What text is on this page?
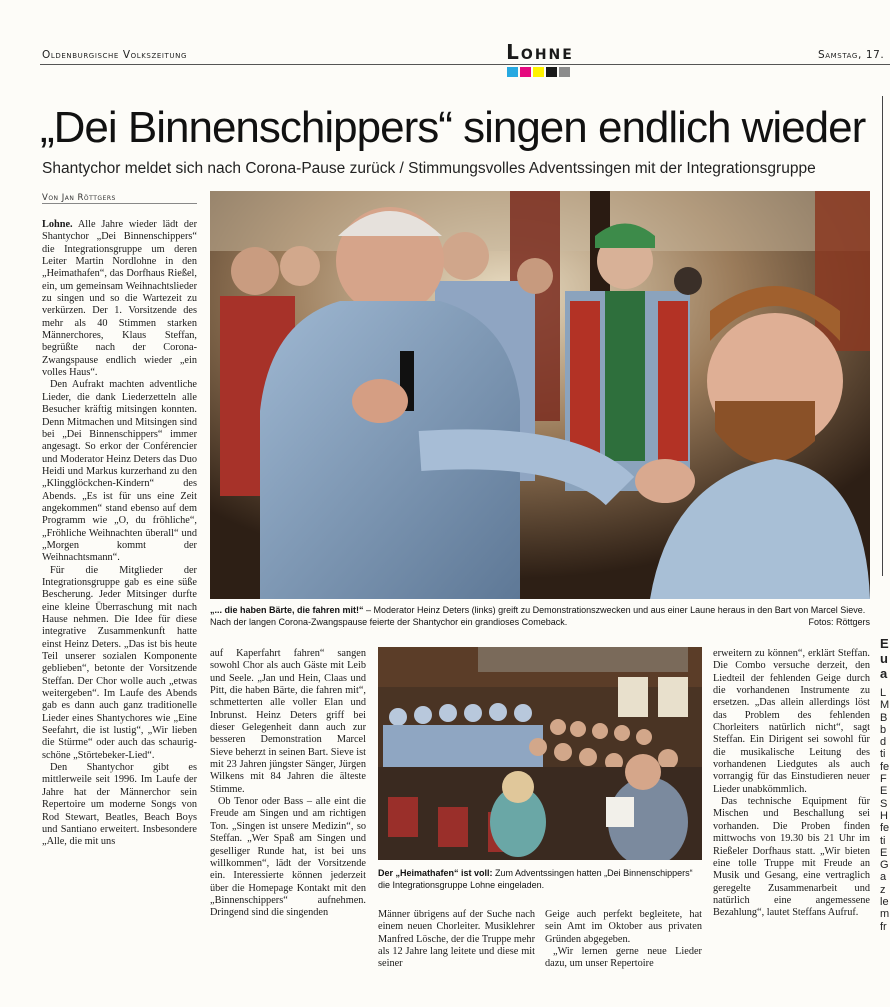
Oldenburgische Volkszeitung	Lohne	Samstag, 17.
„Dei Binnenschippers“ singen endlich wieder
Shantychor meldet sich nach Corona-Pause zurück / Stimmungsvolles Adventssingen mit der Integrationsgruppe
Von Jan Röttgers

Lohne. Alle Jahre wieder lädt der Shantychor „Dei Binnenschippers“ die Integrationsgruppe um deren Leiter Martin Nordlohne in den „Heimathafen“, das Dorfhaus Rießel, ein, um gemeinsam Weihnachtslieder zu singen und so die Wartezeit zu verkürzen. Der 1. Vorsitzende des mehr als 40 Stimmen starken Männerchores, Klaus Steffan, begrüßte nach der Corona-Zwangspause endlich wieder „ein volles Haus“.

Den Aufrakt machten adventliche Lieder, die dank Liederzetteln alle Besucher kräftig mitsingen konnten. Denn Mitmachen und Mitsingen sind bei „Dei Binnenschippers“ immer angesagt. So erkor der Conférencier und Moderator Heinz Deters das Duo Heidi und Markus kurzerhand zu den „Klingglöckchen-Kindern“ des Abends. „Es ist für uns eine Zeit angekommen“ stand ebenso auf dem Programm wie „O, du fröhliche“, „Fröhliche Weihnachten überall“ und „Morgen kommt der Weihnachtsmann“.

Für die Mitglieder der Integrationsgruppe gab es eine süße Bescherung. Jeder Mitsinger durfte eine kleine Überraschung mit nach Hause nehmen. Die Idee für diese integrative Zusammenkunft hatte einst Heinz Deters. „Das ist bis heute Teil unserer sozialen Komponente geblieben“, betonte der Vorsitzende Steffan. Der Chor wolle auch „etwas weitergeben“. Im Laufe des Abends gab es dann auch ganz traditionelle Lieder eines Shantychores wie „Eine Seefahrt, die ist lustig“, „Wir lieben die Stürme“ oder auch das schaurig-schöne „Störtebeker-Lied“.

Den Shantychor gibt es mittlerweile seit 1996. Im Laufe der Jahre hat der Männerchor sein Repertoire um moderne Songs von Rod Stewart, Beatles, Beach Boys und Santiano erweitert. Insbesondere „Alle, die mit uns

„... die haben Bärte, die fahren mit!“ – Moderator Heinz Deters (links) greift zu Demonstrationszwecken und aus einer Laune heraus in den Bart von Marcel Sieve. Nach der langen Corona-Zwangspause feierte der Shantychor ein grandioses Comeback.	Fotos: Röttgers

auf Kaperfahrt fahren“ sangen sowohl Chor als auch Gäste mit Leib und Seele. „Jan und Hein, Claas und Pitt, die haben Bärte, die fahren mit“, schmetterten alle voller Elan und Inbrunst. Heinz Deters griff bei dieser Gelegenheit dann auch zur besseren Demonstration Marcel Sieve beherzt in seinen Bart. Sieve ist mit 23 Jahren jüngster Sänger, Jürgen Wilkens mit 84 Jahren die älteste Stimme.

Ob Tenor oder Bass – alle eint die Freude am Singen und am richtigen Ton. „Singen ist unsere Medizin“, so Steffan. „Wer Spaß am Singen und geselliger Runde hat, ist bei uns willkommen“, lädt der Vorsitzende ein. Interessierte können jederzeit über die Homepage Kontakt mit den „Binnenschippers“ aufnehmen. Dringend sind die singenden

Der „Heimathafen“ ist voll: Zum Adventssingen hatten „Dei Binnenschippers“ die Integrationsgruppe Lohne eingeladen.

Männer übrigens auf der Suche nach einem neuen Chorleiter. Musiklehrer Manfred Lösche, der die Truppe mehr als 12 Jahre lang leitete und diese mit seiner

Geige auch perfekt begleitete, hat sein Amt im Oktober aus privaten Gründen abgegeben.

„Wir lernen gerne neue Lieder dazu, um unser Repertoire

erweitern zu können“, erklärt Steffan. Die Combo versuche derzeit, den Liedteil der fehlenden Geige durch die vorhandenen Instrumente zu ersetzen. „Das allein allerdings löst das Problem des fehlenden Chorleiters natürlich nicht“, sagt Steffan. Ein Dirigent sei sowohl für die musikalische Leitung des vorhandenen Liedgutes als auch vorrangig für das Einstudieren neuer Lieder unabkömmlich.

Das technische Equipment für Mischen und Beschallung sei vorhanden. Die Proben finden mittwochs von 19.30 bis 21 Uhr im Rießeler Dorfhaus statt. „Wir bieten eine tolle Truppe mit Freude an Musik und Gesang, eine vertraglich geregelte Zusammenarbeit und natürlich eine angemessene Bezahlung“, lautet Steffans Aufruf.

E
u
a
L
M
B
b
d
ti
fe
F
E
S
H
fe
ti
E
G
a
z
le
m
fr
